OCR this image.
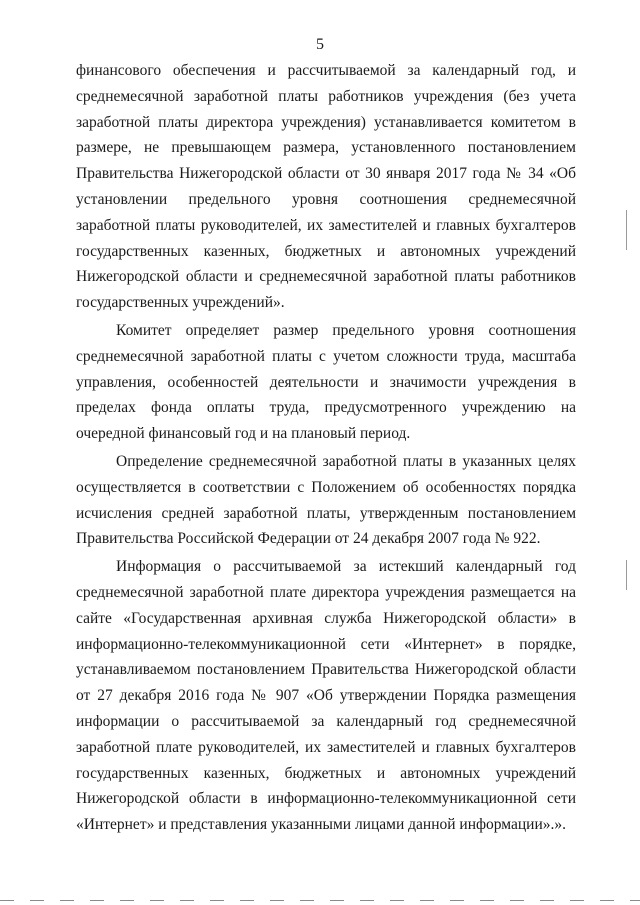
5

финансового обеспечения и рассчитываемой за календарный год, и
среднемесячной заработной платы работников учреждения (без учета
заработной платы директора учреждения) устанавливается комитетом в
размере, не превышающем размера, установленного постановлением
Правительства Нижегородской области от 30 января 2017 года № 34 «Об
установлении предельного уровня соотношения среднемесячной
заработной платы руководителей, их заместителей и главных бухгалтеров
государственных казенных, бюджетных и автономных учреждений
Нижегородской области и среднемесячной заработной платы работников
государственных учреждений».

Комитет определяет размер предельного уровня соотношения
среднемесячной заработной платы с учетом сложности труда, масштаба
управления, особенностей деятельности и значимости учреждения в
пределах фонда оплаты труда, предусмотренного учреждению на
очередной финансовый год и на плановый период.

Определение среднемесячной заработной платы в указанных целях
осуществляется в соответствии с Положением об особенностях порядка
исчисления средней заработной платы, утвержденным постановлением
Правительства Российской Федерации от 24 декабря 2007 года № 922.

Информация о рассчитываемой за истекший календарный год
среднемесячной заработной плате директора учреждения размещается на
сайте «Государственная архивная служба Нижегородской области» в
информационно-телекоммуникационной сети «Интернет» в порядке,
устанавливаемом постановлением Правительства Нижегородской области
от 27 декабря 2016 года № 907 «Об утверждении Порядка размещения
информации о рассчитываемой за календарный год среднемесячной
заработной плате руководителей, их заместителей и главных бухгалтеров
государственных казенных, бюджетных и автономных учреждений
Нижегородской области в информационно-телекоммуникационной сети
«Интернет» и представления указанными лицами данной информации».».
